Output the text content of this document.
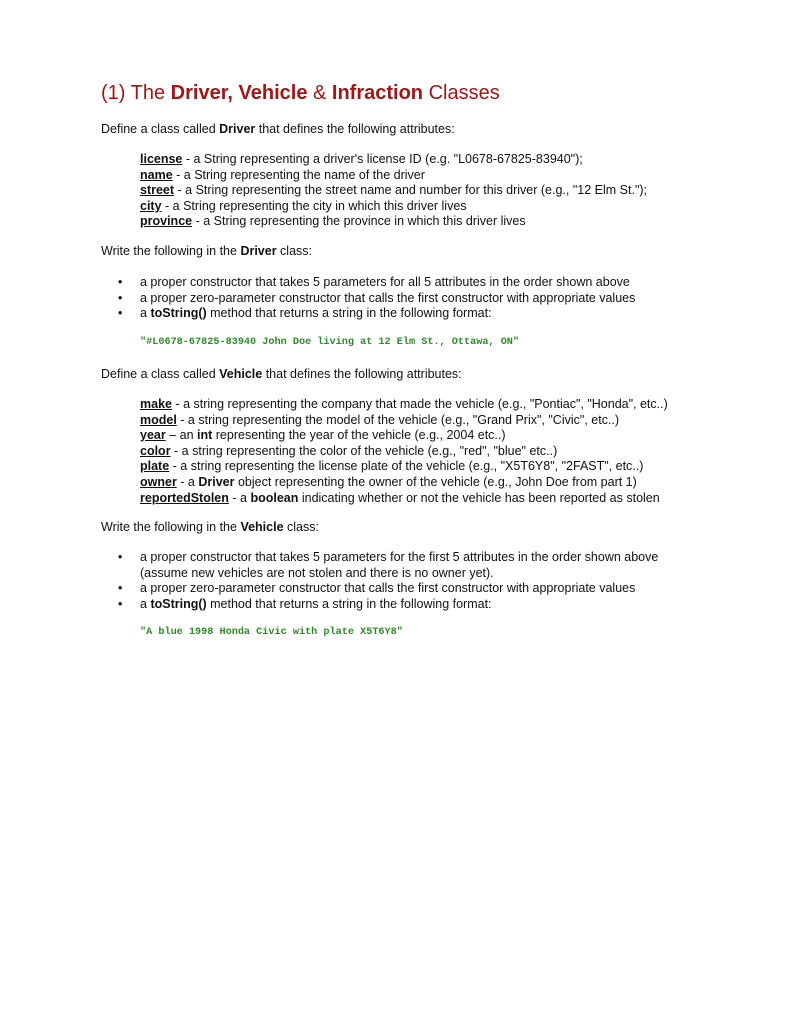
(1) The Driver, Vehicle & Infraction Classes
Define a class called Driver that defines the following attributes:
license - a String representing a driver's license ID (e.g. "L0678-67825-83940");
name - a String representing the name of the driver
street - a String representing the street name and number for this driver (e.g., "12 Elm St.");
city - a String representing the city in which this driver lives
province - a String representing the province in which this driver lives
Write the following in the Driver class:
• a proper constructor that takes 5 parameters for all 5 attributes in the order shown above
• a proper zero-parameter constructor that calls the first constructor with appropriate values
• a toString() method that returns a string in the following format:
"#L0678-67825-83940 John Doe living at 12 Elm St., Ottawa, ON"
Define a class called Vehicle that defines the following attributes:
make - a string representing the company that made the vehicle (e.g., "Pontiac", "Honda", etc..)
model - a string representing the model of the vehicle (e.g., "Grand Prix", "Civic", etc..)
year – an int representing the year of the vehicle (e.g., 2004 etc..)
color - a string representing the color of the vehicle (e.g., "red", "blue" etc..)
plate - a string representing the license plate of the vehicle (e.g., "X5T6Y8", "2FAST", etc..)
owner - a Driver object representing the owner of the vehicle (e.g., John Doe from part 1)
reportedStolen - a boolean indicating whether or not the vehicle has been reported as stolen
Write the following in the Vehicle class:
• a proper constructor that takes 5 parameters for the first 5 attributes in the order shown above
(assume new vehicles are not stolen and there is no owner yet).
• a proper zero-parameter constructor that calls the first constructor with appropriate values
• a toString() method that returns a string in the following format:
"A blue 1998 Honda Civic with plate X5T6Y8"
